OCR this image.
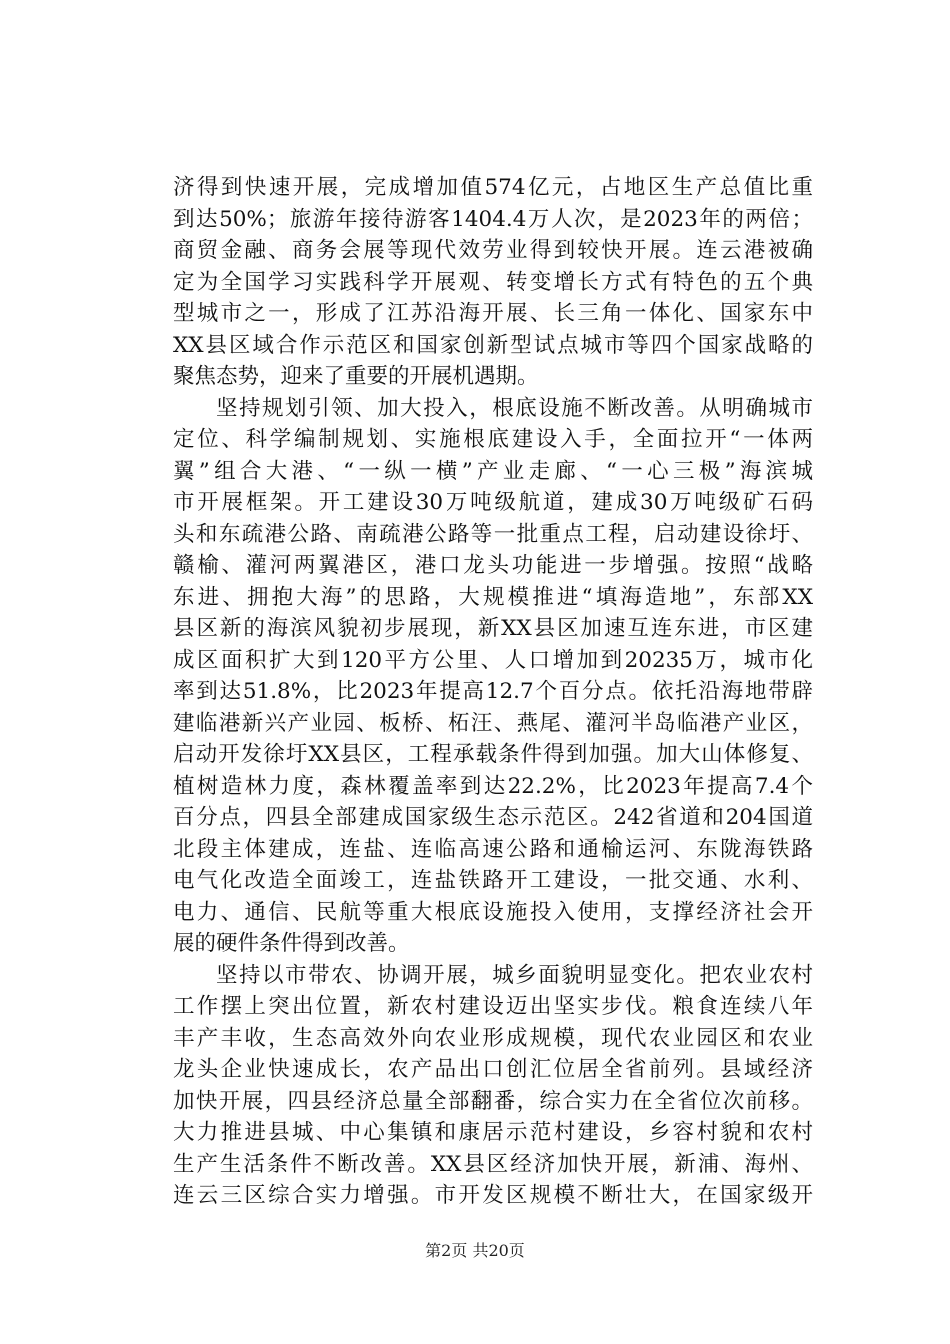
济得到快速开展，完成增加值574亿元，占地区生产总值比重
到达50%；旅游年接待游客1404.4万人次，是2023年的两倍；
商贸金融、商务会展等现代效劳业得到较快开展。连云港被确
定为全国学习实践科学开展观、转变增长方式有特色的五个典
型城市之一，形成了江苏沿海开展、长三角一体化、国家东中
XX县区域合作示范区和国家创新型试点城市等四个国家战略的
聚焦态势，迎来了重要的开展机遇期。
坚持规划引领、加大投入，根底设施不断改善。从明确城市
定位、科学编制规划、实施根底建设入手，全面拉开“一体两
翼”组合大港、“一纵一横”产业走廊、“一心三极”海滨城
市开展框架。开工建设30万吨级航道，建成30万吨级矿石码
头和东疏港公路、南疏港公路等一批重点工程，启动建设徐圩、
赣榆、灌河两翼港区，港口龙头功能进一步增强。按照“战略
东进、拥抱大海”的思路，大规模推进“填海造地”，东部XX
县区新的海滨风貌初步展现，新XX县区加速互连东进，市区建
成区面积扩大到120平方公里、人口增加到20235万，城市化
率到达51.8%，比2023年提高12.7个百分点。依托沿海地带辟
建临港新兴产业园、板桥、柘汪、燕尾、灌河半岛临港产业区，
启动开发徐圩XX县区，工程承载条件得到加强。加大山体修复、
植树造林力度，森林覆盖率到达22.2%，比2023年提高7.4个
百分点，四县全部建成国家级生态示范区。242省道和204国道
北段主体建成，连盐、连临高速公路和通榆运河、东陇海铁路
电气化改造全面竣工，连盐铁路开工建设，一批交通、水利、
电力、通信、民航等重大根底设施投入使用，支撑经济社会开
展的硬件条件得到改善。
坚持以市带农、协调开展，城乡面貌明显变化。把农业农村
工作摆上突出位置，新农村建设迈出坚实步伐。粮食连续八年
丰产丰收，生态高效外向农业形成规模，现代农业园区和农业
龙头企业快速成长，农产品出口创汇位居全省前列。县域经济
加快开展，四县经济总量全部翻番，综合实力在全省位次前移。
大力推进县城、中心集镇和康居示范村建设，乡容村貌和农村
生产生活条件不断改善。XX县区经济加快开展，新浦、海州、
连云三区综合实力增强。市开发区规模不断壮大，在国家级开
第2页 共20页
